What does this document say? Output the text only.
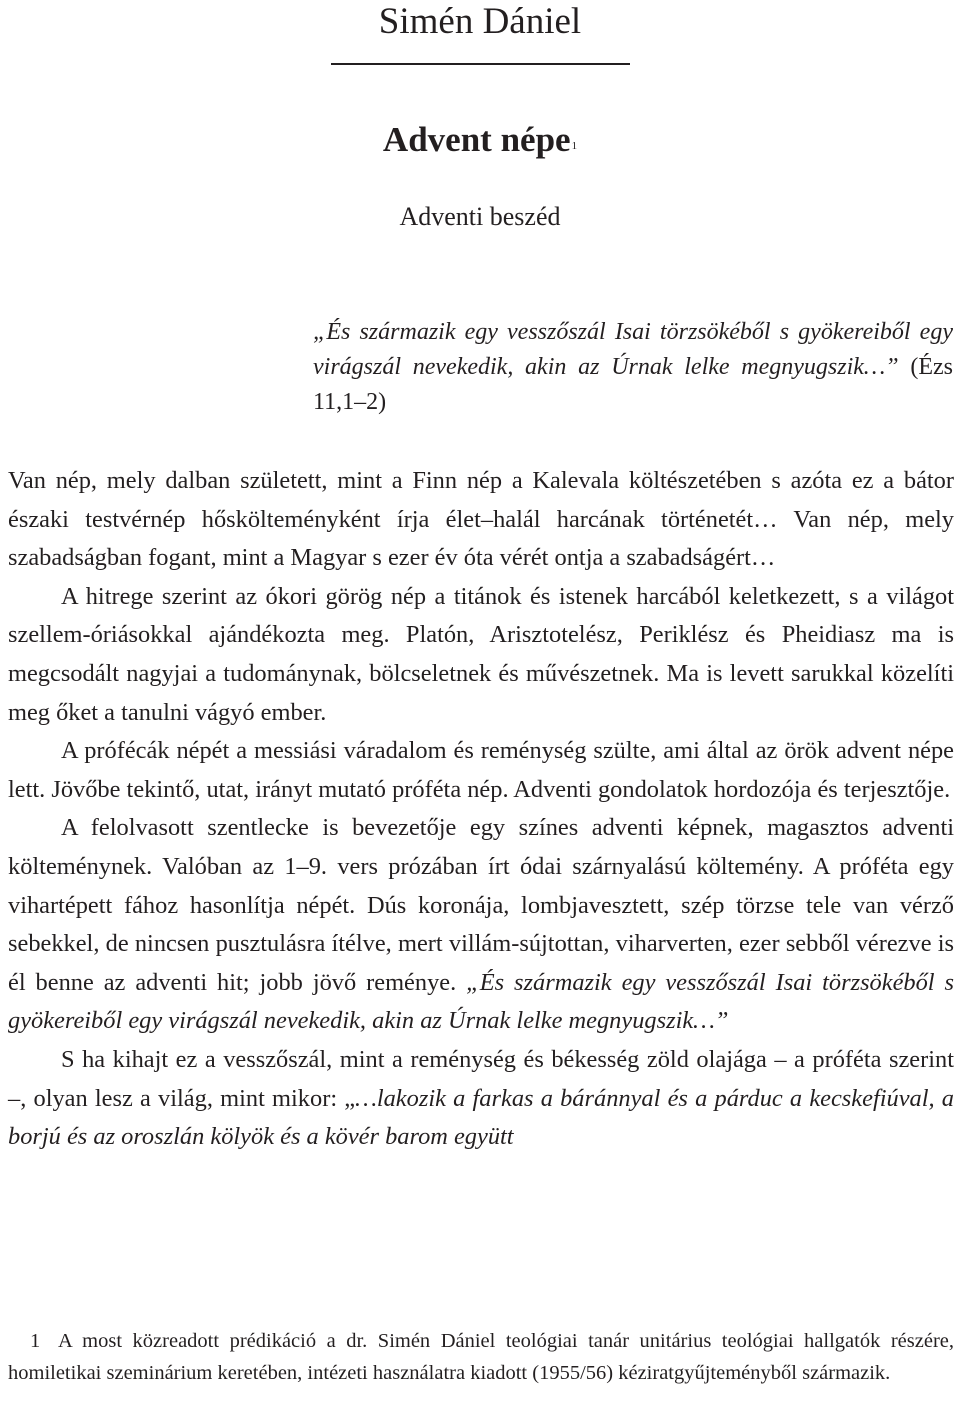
Simén Dániel
Advent népe$^1$
Adventi beszéd
„És származik egy vesszőszál Isai törzsökéből s gyökereiből egy virágszál nevekedik, akin az Úrnak lelke megnyugszik…” (Ézs 11,1–2)

Van nép, mely dalban született, mint a Finn nép a Kalevala költészetében s azóta ez a bátor északi testvérnép hőskölteményként írja élet–halál harcának történetét… Van nép, mely szabadságban fogant, mint a Magyar s ezer év óta vérét ontja a szabadságért…

A hitrege szerint az ókori görög nép a titánok és istenek harcából keletkezett, s a világot szellem-óriásokkal ajándékozta meg. Platón, Arisztotelész, Periklész és Pheidiasz ma is megcsodált nagyjai a tudománynak, bölcseletnek és művészetnek. Ma is levett sarukkal közelíti meg őket a tanulni vágyó ember.

A prófécák népét a messiási váradalom és reménység szülte, ami által az örök advent népe lett. Jövőbe tekintő, utat, irányt mutató prófétа nép. Adventi gondolatok hordozója és terjesztője.

A felolvasott szentlecke is bevezetője egy színes adventi képnek, magasztos adventi költeménynek. Valóban az 1–9. vers prózában írt ódai szárnyalású költemény. A próféta egy vihartépett fához hasonlítja népét. Dús koronája, lombjavesztett, szép törzse tele van vérző sebekkel, de nincsen pusztulásra ítélve, mert villám-sújtottan, viharverten, ezer sebből vérezve is él benne az adventi hit; jobb jövő reménye. „És származik egy vesszőszál Isai törzsökéből s gyökereiből egy virágszál nevekedik, akin az Úrnak lelke megnyugszik…”

S ha kihajt ez a vesszőszál, mint a reménység és békesség zöld olajága – a próféta szerint –, olyan lesz a világ, mint mikor: „…lakozik a farkas a báránnyal és a párduc a kecskefiúval, a borjú és az oroszlán kölyök és a kövér barom együtt

1 A most közreadott prédikáció a dr. Simén Dániel teológiai tanár unitárius teológiai hallgatók részére, homiletikai szeminárium keretében, intézeti használatra kiadott (1955/56) kéziratgyűjteményből származik.
